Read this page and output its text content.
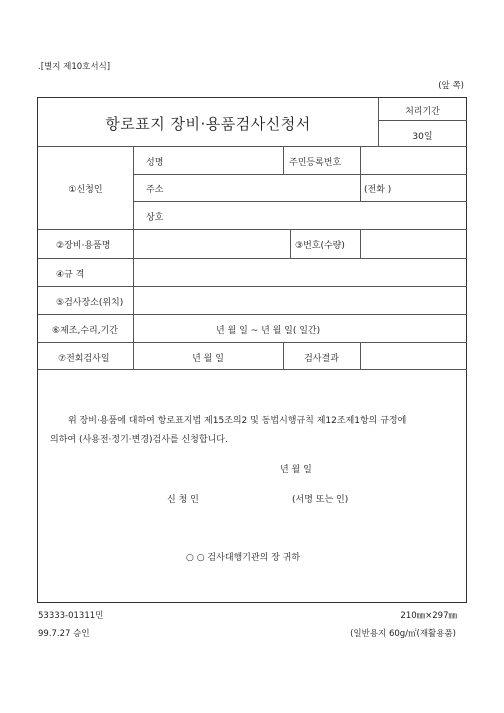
.[별지 제10호서식]
(앞 쪽)
항로표지 장비·용품검사신청서
처리기간
30일
①신청인
성명	주민등록번호
주소	(전화 )
상호
②장비·용품명	③번호(수량)
④규 격
⑤검사장소(위치)
⑥제조,수리,기간	년 월 일 ~ 년 월 일( 일간)
⑦전회검사일	년 월 일	검사결과
위 장비·용품에 대하여 항로표지법 제15조의2 및 동법시행규칙 제12조제1항의 규정에
의하여 (사용전·정기·변경)검사를 신청합니다.
년 월 일
신 청 인	(서명 또는 인)
○ ○ 검사대행기관의 장 귀하
53333-01311민	210㎜×297㎜
99.7.27 승인	(일반용지 60g/㎡(재활용품)
